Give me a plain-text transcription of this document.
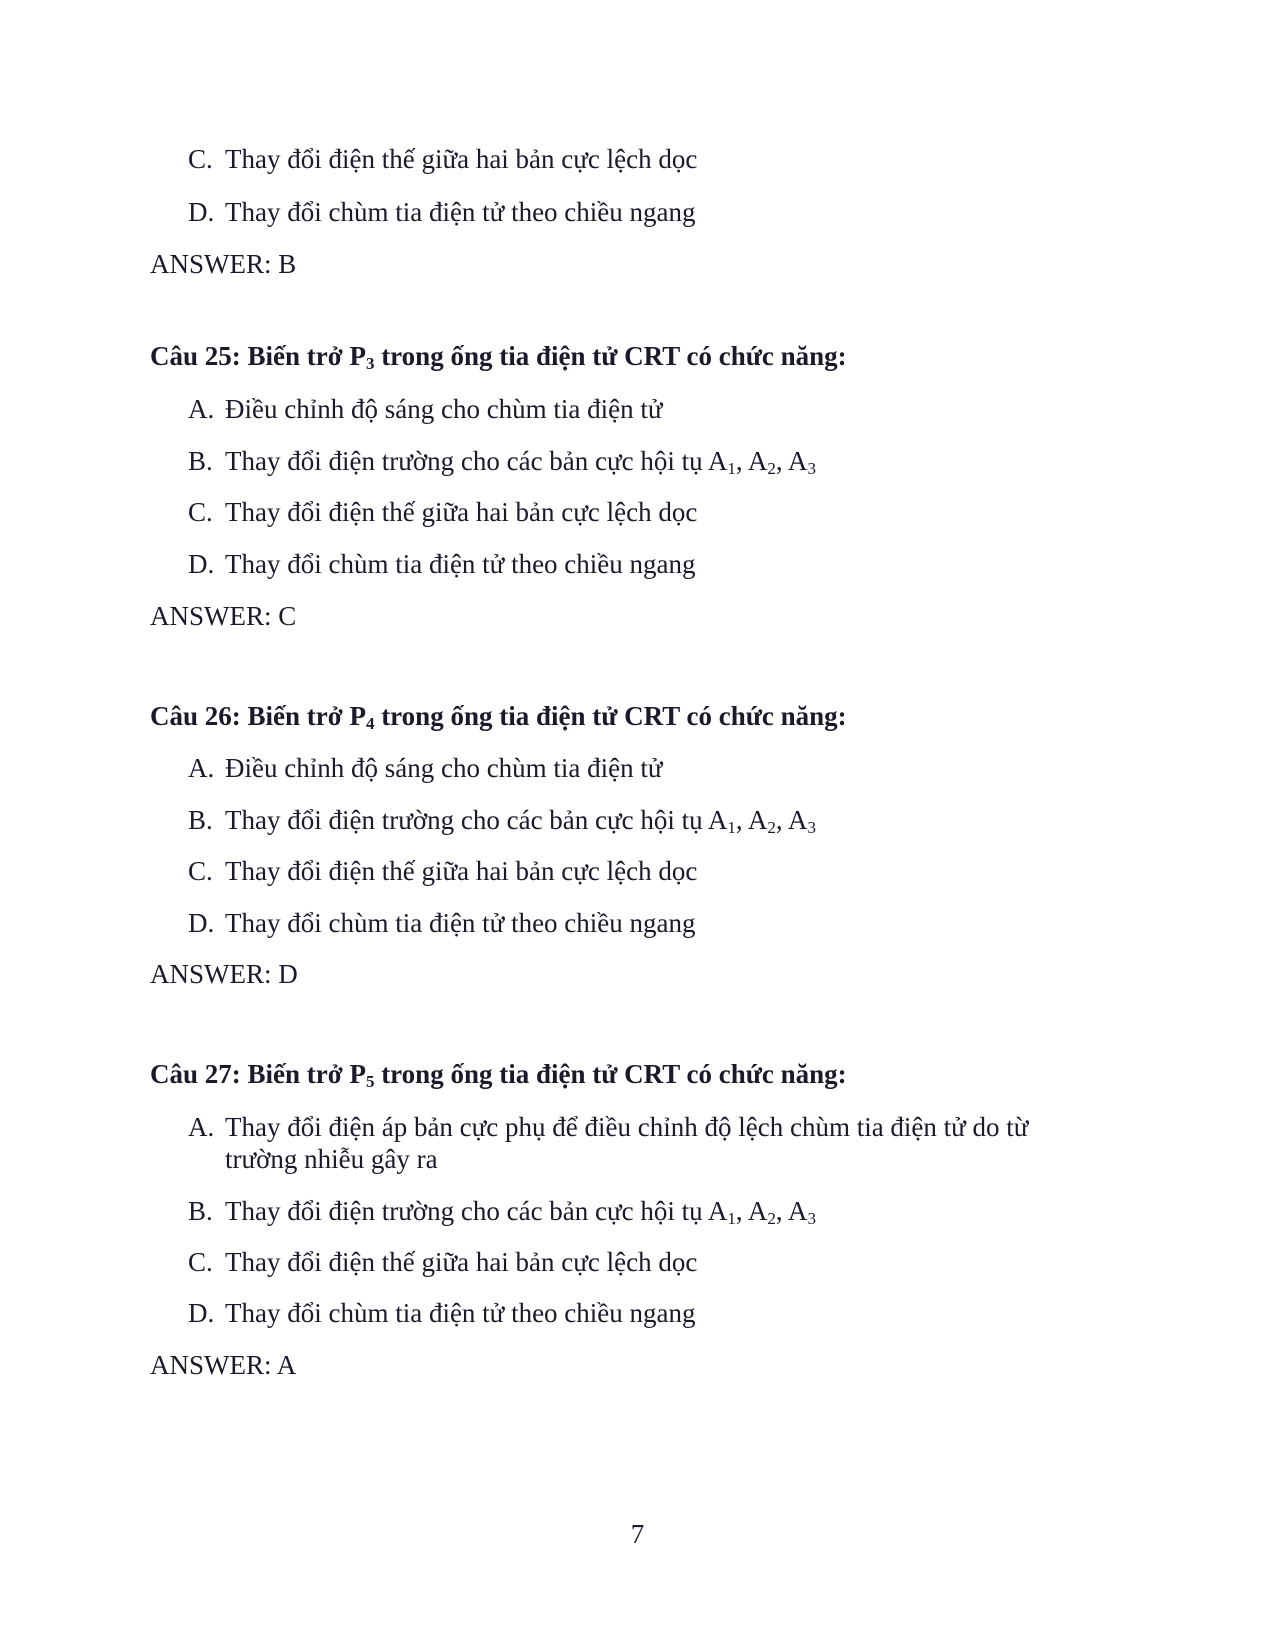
C. Thay đổi điện thế giữa hai bản cực lệch dọc
D. Thay đổi chùm tia điện tử theo chiều ngang
ANSWER: B
Câu 25: Biến trở $P_3$ trong ống tia điện tử CRT có chức năng:
A. Điều chỉnh độ sáng cho chùm tia điện tử
B. Thay đổi điện trường cho các bản cực hội tụ $A_1$, $A_2$, $A_3$
C. Thay đổi điện thế giữa hai bản cực lệch dọc
D. Thay đổi chùm tia điện tử theo chiều ngang
ANSWER: C
Câu 26: Biến trở $P_4$ trong ống tia điện tử CRT có chức năng:
A. Điều chỉnh độ sáng cho chùm tia điện tử
B. Thay đổi điện trường cho các bản cực hội tụ $A_1$, $A_2$, $A_3$
C. Thay đổi điện thế giữa hai bản cực lệch dọc
D. Thay đổi chùm tia điện tử theo chiều ngang
ANSWER: D
Câu 27: Biến trở $P_5$ trong ống tia điện tử CRT có chức năng:
A. Thay đổi điện áp bản cực phụ để điều chỉnh độ lệch chùm tia điện tử do từ trường nhiễu gây ra
B. Thay đổi điện trường cho các bản cực hội tụ $A_1$, $A_2$, $A_3$
C. Thay đổi điện thế giữa hai bản cực lệch dọc
D. Thay đổi chùm tia điện tử theo chiều ngang
ANSWER: A
7
